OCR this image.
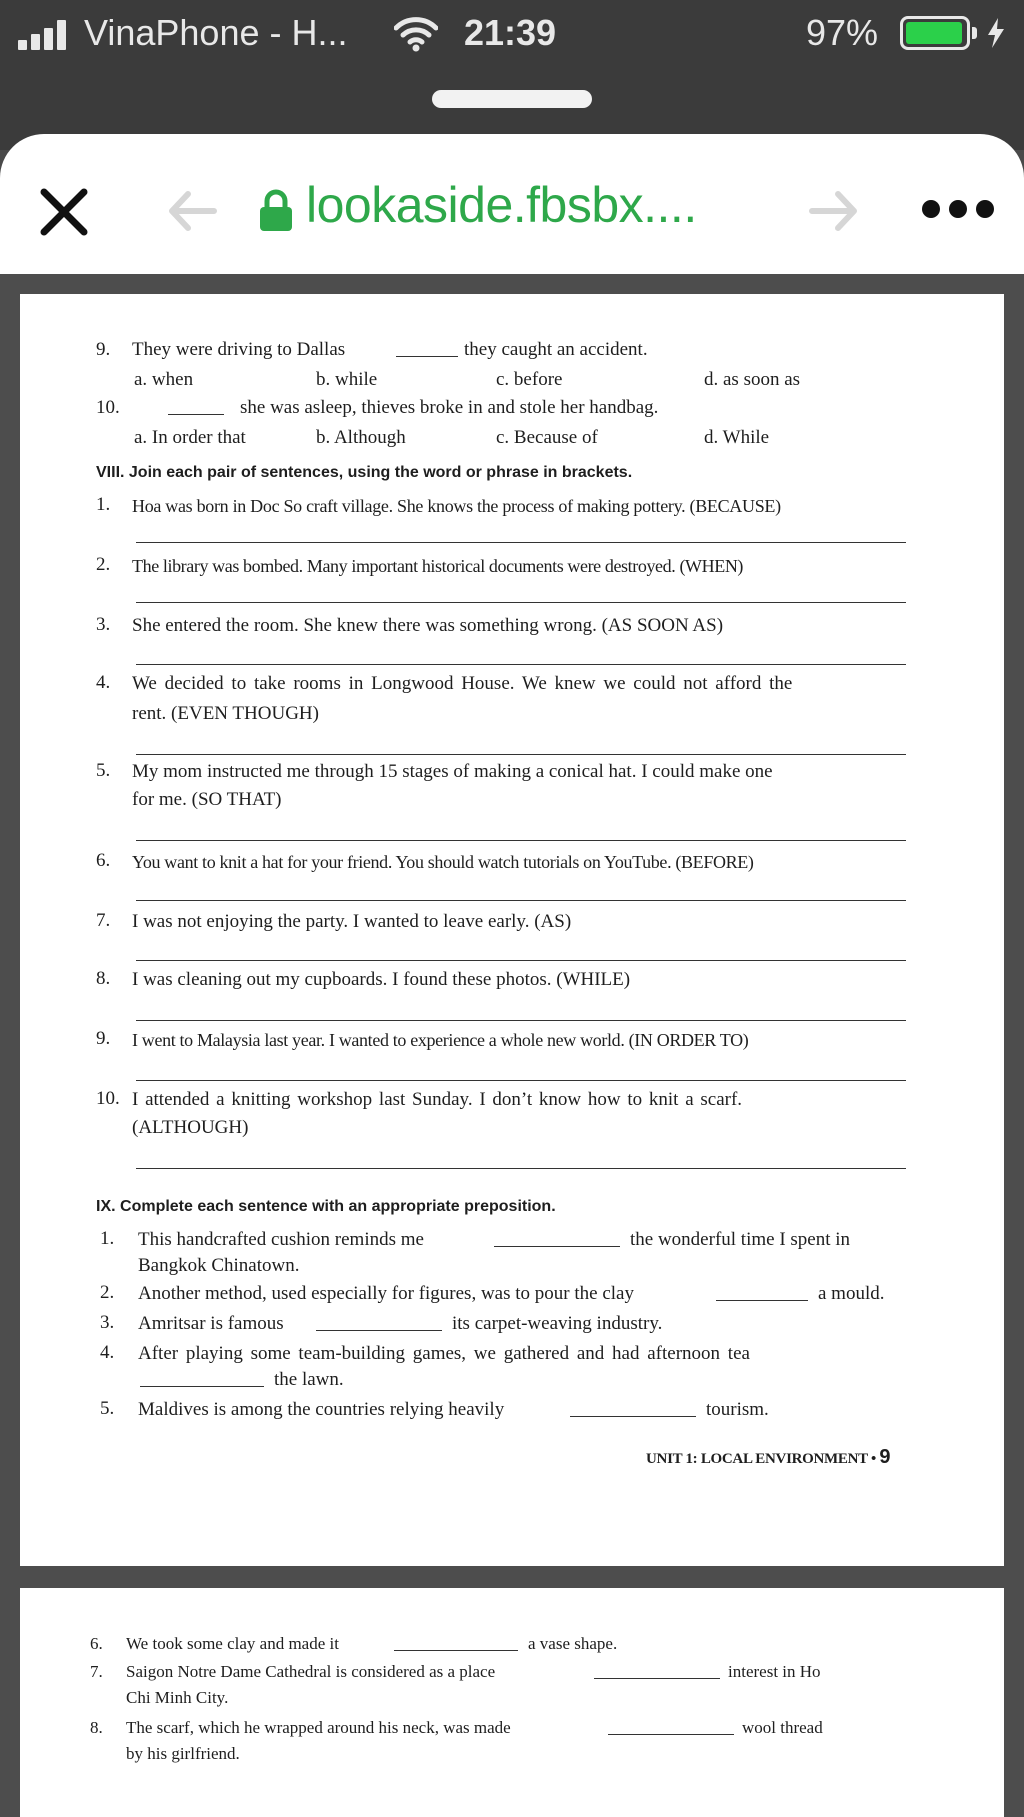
VinaPhone - H...	21:39	97%
lookaside.fbsbx....
9. They were driving to Dallas	they caught an accident.
a. when	b. while	c. before	d. as soon as
10.	she was asleep, thieves broke in and stole her handbag.
a. In order that	b. Although	c. Because of	d. While
VIII. Join each pair of sentences, using the word or phrase in brackets.
1. Hoa was born in Doc So craft village. She knows the process of making pottery. (BECAUSE)
2. The library was bombed. Many important historical documents were destroyed. (WHEN)
3. She entered the room. She knew there was something wrong. (AS SOON AS)
4. We decided to take rooms in Longwood House. We knew we could not afford the
rent. (EVEN THOUGH)
5. My mom instructed me through 15 stages of making a conical hat. I could make one
for me. (SO THAT)
6. You want to knit a hat for your friend. You should watch tutorials on YouTube. (BEFORE)
7. I was not enjoying the party. I wanted to leave early. (AS)
8. I was cleaning out my cupboards. I found these photos. (WHILE)
9. I went to Malaysia last year. I wanted to experience a whole new world. (IN ORDER TO)
10. I attended a knitting workshop last Sunday. I don’t know how to knit a scarf.
(ALTHOUGH)
IX. Complete each sentence with an appropriate preposition.
1. This handcrafted cushion reminds me	the wonderful time I spent in
Bangkok Chinatown.
2. Another method, used especially for figures, was to pour the clay	a mould.
3. Amritsar is famous	its carpet-weaving industry.
4. After playing some team-building games, we gathered and had afternoon tea
the lawn.
5. Maldives is among the countries relying heavily	tourism.
UNIT 1: LOCAL ENVIRONMENT • 9
6. We took some clay and made it	a vase shape.
7. Saigon Notre Dame Cathedral is considered as a place	interest in Ho
Chi Minh City.
8. The scarf, which he wrapped around his neck, was made	wool thread
by his girlfriend.
